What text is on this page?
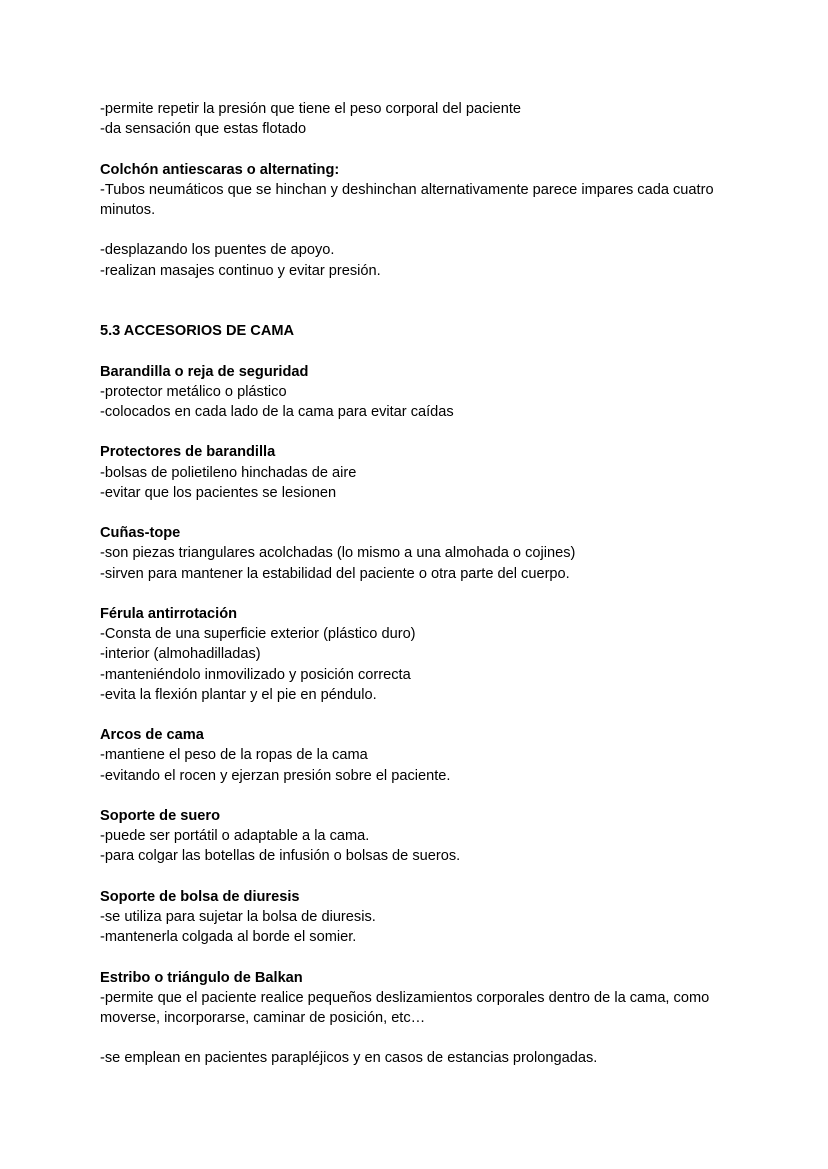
-permite repetir la presión que tiene el peso corporal del paciente
-da sensación que estas flotado
Colchón antiescaras o alternating:
-Tubos neumáticos que se hinchan y deshinchan alternativamente parece impares cada cuatro minutos.
-desplazando los puentes de apoyo.
-realizan masajes continuo y evitar presión.
5.3 ACCESORIOS DE CAMA
Barandilla o reja de seguridad
-protector metálico o plástico
-colocados en cada lado de la cama para evitar caídas
Protectores de barandilla
-bolsas de polietileno hinchadas de aire
-evitar que los pacientes se lesionen
Cuñas-tope
-son piezas triangulares acolchadas (lo mismo a una almohada o cojines)
-sirven para mantener la estabilidad del paciente o otra parte del cuerpo.
Férula antirrotación
-Consta de una superficie exterior (plástico duro)
-interior (almohadilladas)
-manteniéndolo inmovilizado y posición correcta
-evita la flexión plantar y el pie en péndulo.
Arcos de cama
-mantiene el peso de la ropas de la cama
-evitando el rocen y ejerzan presión sobre el paciente.
Soporte de suero
-puede ser portátil o adaptable a la cama.
-para colgar las botellas de infusión o bolsas de sueros.
Soporte de bolsa de diuresis
-se utiliza para sujetar la bolsa de diuresis.
-mantenerla colgada al borde el somier.
Estribo o triángulo de Balkan
-permite que el paciente realice pequeños deslizamientos corporales dentro de la cama, como moverse, incorporarse, caminar de posición, etc…
-se emplean en pacientes parapléjicos y en casos de estancias prolongadas.
